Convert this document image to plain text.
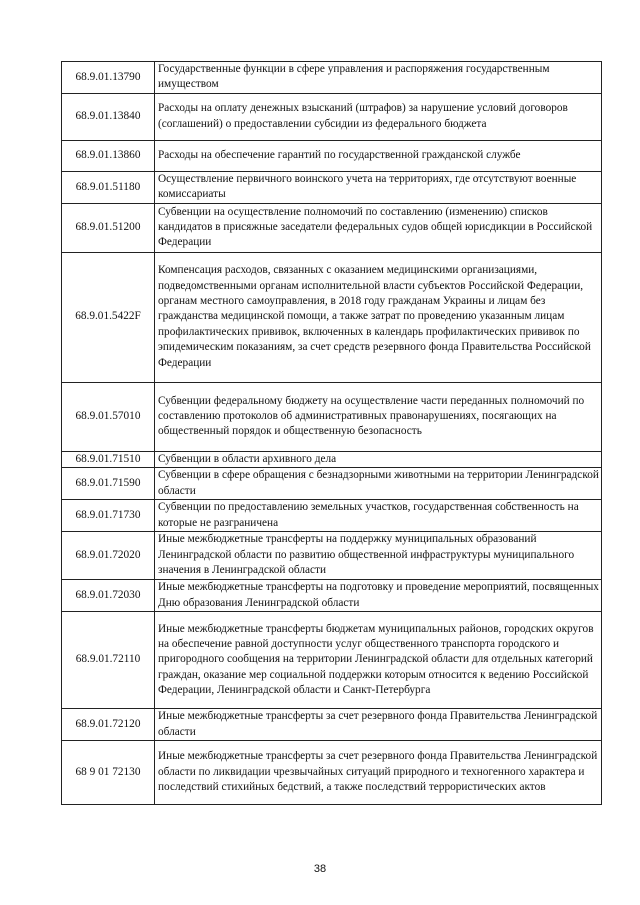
68.9.01.13790	Государственные функции в сфере управления и распоряжения государственным имуществом
68.9.01.13840	Расходы на оплату денежных взысканий (штрафов) за нарушение условий договоров (соглашений) о предоставлении субсидии из федерального бюджета
68.9.01.13860	Расходы на обеспечение гарантий по государственной гражданской службе
68.9.01.51180	Осуществление первичного воинского учета на территориях, где отсутствуют военные комиссариаты
68.9.01.51200	Субвенции на осуществление полномочий по составлению (изменению) списков кандидатов в присяжные заседатели федеральных судов общей юрисдикции в Российской Федерации
68.9.01.5422F	Компенсация расходов, связанных с оказанием медицинскими организациями, подведомственными органам исполнительной власти субъектов Российской Федерации, органам местного самоуправления, в 2018 году гражданам Украины и лицам без гражданства медицинской помощи, а также затрат по проведению указанным лицам профилактических прививок, включенных в календарь профилактических прививок по эпидемическим показаниям, за счет средств резервного фонда Правительства Российской Федерации
68.9.01.57010	Субвенции федеральному бюджету на осуществление части переданных полномочий по составлению протоколов об административных правонарушениях, посягающих на общественный порядок и общественную безопасность
68.9.01.71510	Субвенции в области архивного дела
68.9.01.71590	Субвенции в сфере обращения с безнадзорными животными на территории Ленинградской области
68.9.01.71730	Субвенции по предоставлению земельных участков, государственная собственность на которые не разграничена
68.9.01.72020	Иные межбюджетные трансферты на поддержку муниципальных образований Ленинградской области по развитию общественной инфраструктуры муниципального значения в Ленинградской области
68.9.01.72030	Иные межбюджетные трансферты на подготовку и проведение мероприятий, посвященных Дню образования Ленинградской области
68.9.01.72110	Иные межбюджетные трансферты бюджетам муниципальных районов, городских округов на обеспечение равной доступности услуг общественного транспорта городского и пригородного сообщения на территории Ленинградской области для отдельных категорий граждан, оказание мер социальной поддержки которым относится к ведению Российской Федерации, Ленинградской области и Санкт-Петербурга
68.9.01.72120	Иные межбюджетные трансферты за счет резервного фонда Правительства Ленинградской области
68 9 01 72130	Иные межбюджетные трансферты за счет резервного фонда Правительства Ленинградской области по ликвидации чрезвычайных ситуаций природного и техногенного характера и последствий стихийных бедствий, а также последствий террористических актов
38
